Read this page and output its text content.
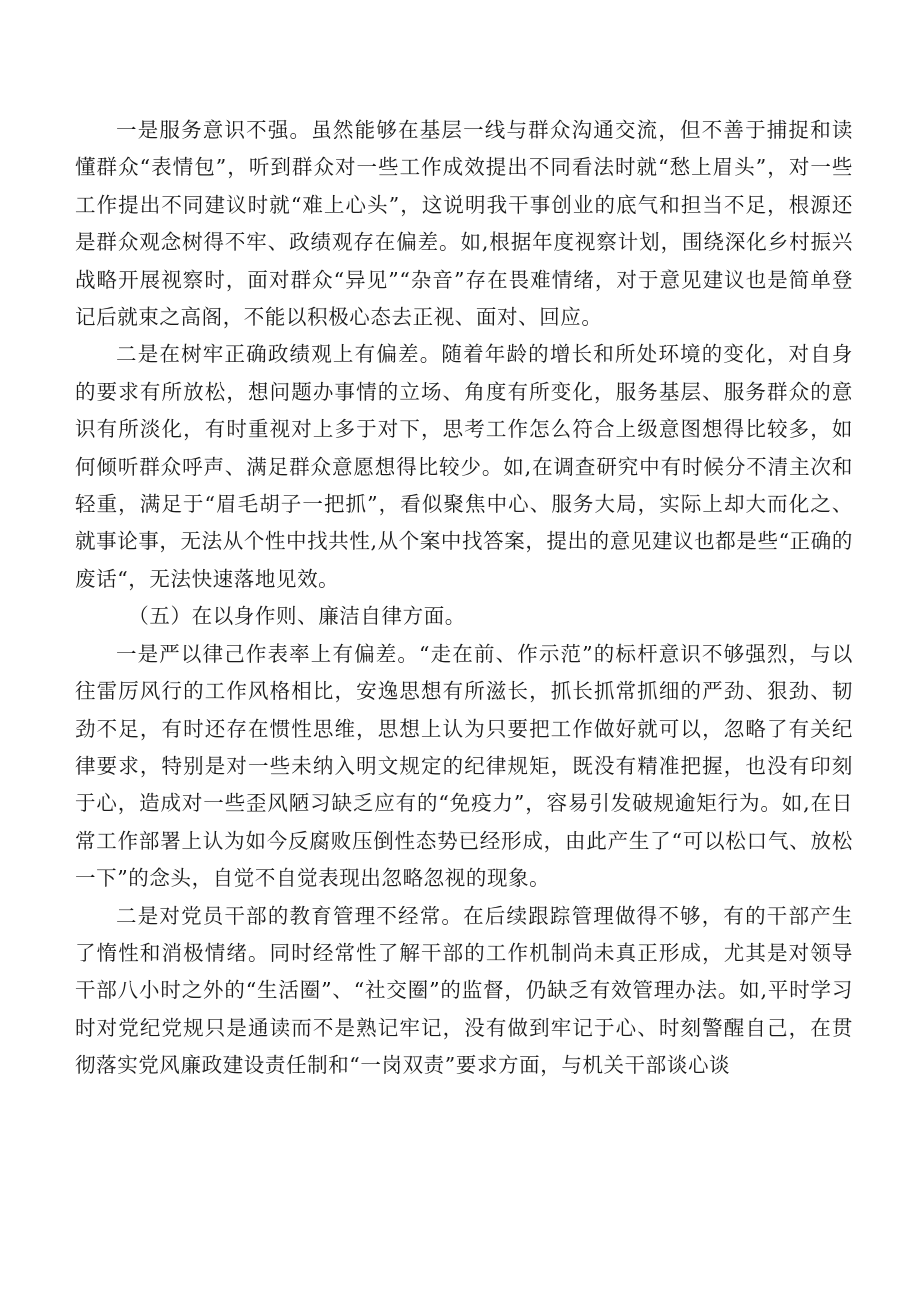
一是服务意识不强。虽然能够在基层一线与群众沟通交流，但不善于捕捉和读懂群众“表情包”，听到群众对一些工作成效提出不同看法时就“愁上眉头”，对一些工作提出不同建议时就“难上心头”，这说明我干事创业的底气和担当不足，根源还是群众观念树得不牢、政绩观存在偏差。如,根据年度视察计划，围绕深化乡村振兴战略开展视察时，面对群众“异见”“杂音”存在畏难情绪，对于意见建议也是简单登记后就束之高阁，不能以积极心态去正视、面对、回应。

二是在树牢正确政绩观上有偏差。随着年龄的增长和所处环境的变化，对自身的要求有所放松，想问题办事情的立场、角度有所变化，服务基层、服务群众的意识有所淡化，有时重视对上多于对下，思考工作怎么符合上级意图想得比较多，如何倾听群众呼声、满足群众意愿想得比较少。如,在调查研究中有时候分不清主次和轻重，满足于“眉毛胡子一把抓”，看似聚焦中心、服务大局，实际上却大而化之、就事论事，无法从个性中找共性,从个案中找答案，提出的意见建议也都是些“正确的废话“，无法快速落地见效。

（五）在以身作则、廉洁自律方面。

一是严以律己作表率上有偏差。“走在前、作示范”的标杆意识不够强烈，与以往雷厉风行的工作风格相比，安逸思想有所滋长，抓长抓常抓细的严劲、狠劲、韧劲不足，有时还存在惯性思维，思想上认为只要把工作做好就可以，忽略了有关纪律要求，特别是对一些未纳入明文规定的纪律规矩，既没有精准把握，也没有印刻于心，造成对一些歪风陋习缺乏应有的“免疫力”，容易引发破规逾矩行为。如,在日常工作部署上认为如今反腐败压倒性态势已经形成，由此产生了“可以松口气、放松一下”的念头，自觉不自觉表现出忽略忽视的现象。

二是对党员干部的教育管理不经常。在后续跟踪管理做得不够，有的干部产生了惰性和消极情绪。同时经常性了解干部的工作机制尚未真正形成，尤其是对领导干部八小时之外的“生活圈”、“社交圈”的监督，仍缺乏有效管理办法。如,平时学习时对党纪党规只是通读而不是熟记牢记，没有做到牢记于心、时刻警醒自己，在贯彻落实党风廉政建设责任制和“一岗双责”要求方面，与机关干部谈心谈
